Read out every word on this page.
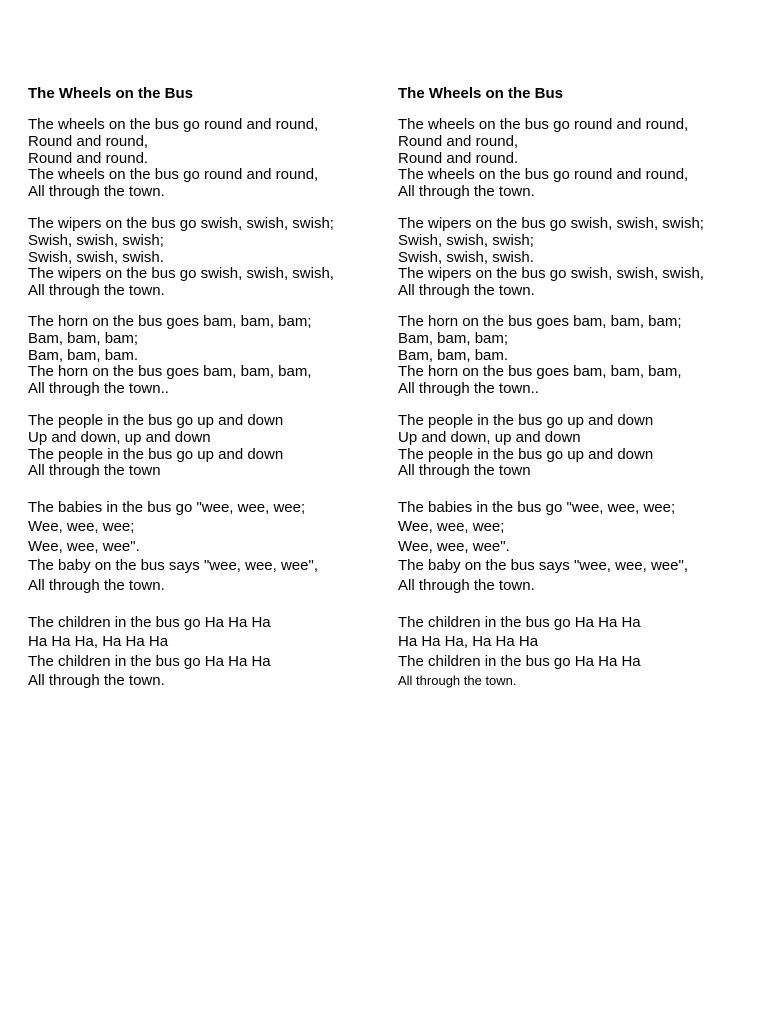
The Wheels on the Bus

The wheels on the bus go round and round,
Round and round,
Round and round.
The wheels on the bus go round and round,
All through the town.

The wipers on the bus go swish, swish, swish;
Swish, swish, swish;
Swish, swish, swish.
The wipers on the bus go swish, swish, swish,
All through the town.

The horn on the bus goes bam, bam, bam;
Bam, bam, bam;
Bam, bam, bam.
The horn on the bus goes bam, bam, bam,
All through the town..

The people in the bus go up and down
Up and down, up and down
The people in the bus go up and down
All through the town

The babies in the bus go "wee, wee, wee;
Wee, wee, wee;
Wee, wee, wee".
The baby on the bus says "wee, wee, wee",
All through the town.

The children in the bus go Ha Ha Ha
Ha Ha Ha, Ha Ha Ha
The children in the bus go Ha Ha Ha
All through the town.

The Wheels on the Bus

The wheels on the bus go round and round,
Round and round,
Round and round.
The wheels on the bus go round and round,
All through the town.

The wipers on the bus go swish, swish, swish;
Swish, swish, swish;
Swish, swish, swish.
The wipers on the bus go swish, swish, swish,
All through the town.

The horn on the bus goes bam, bam, bam;
Bam, bam, bam;
Bam, bam, bam.
The horn on the bus goes bam, bam, bam,
All through the town..

The people in the bus go up and down
Up and down, up and down
The people in the bus go up and down
All through the town

The babies in the bus go "wee, wee, wee;
Wee, wee, wee;
Wee, wee, wee".
The baby on the bus says "wee, wee, wee",
All through the town.

The children in the bus go Ha Ha Ha
Ha Ha Ha, Ha Ha Ha
The children in the bus go Ha Ha Ha
All through the town.
